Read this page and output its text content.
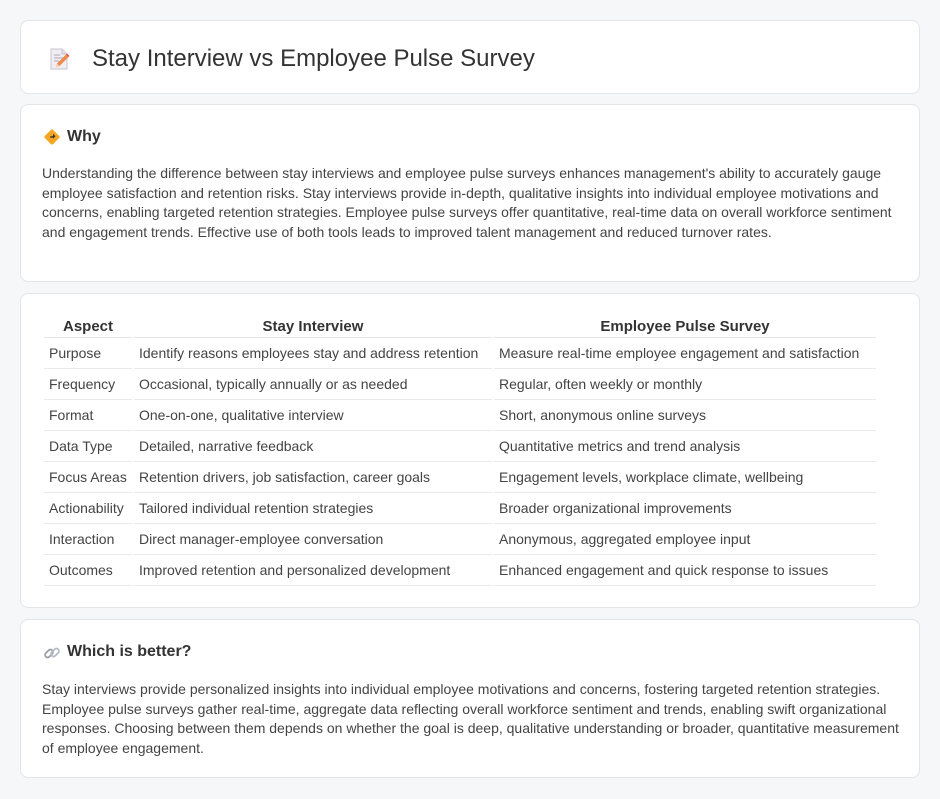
Stay Interview vs Employee Pulse Survey
Why

Understanding the difference between stay interviews and employee pulse surveys enhances management's ability to accurately gauge employee satisfaction and retention risks. Stay interviews provide in-depth, qualitative insights into individual employee motivations and concerns, enabling targeted retention strategies. Employee pulse surveys offer quantitative, real-time data on overall workforce sentiment and engagement trends. Effective use of both tools leads to improved talent management and reduced turnover rates.

Aspect	Stay Interview	Employee Pulse Survey
Purpose	Identify reasons employees stay and address retention	Measure real-time employee engagement and satisfaction
Frequency	Occasional, typically annually or as needed	Regular, often weekly or monthly
Format	One-on-one, qualitative interview	Short, anonymous online surveys
Data Type	Detailed, narrative feedback	Quantitative metrics and trend analysis
Focus Areas	Retention drivers, job satisfaction, career goals	Engagement levels, workplace climate, wellbeing
Actionability	Tailored individual retention strategies	Broader organizational improvements
Interaction	Direct manager-employee conversation	Anonymous, aggregated employee input
Outcomes	Improved retention and personalized development	Enhanced engagement and quick response to issues
Which is better?

Stay interviews provide personalized insights into individual employee motivations and concerns, fostering targeted retention strategies. Employee pulse surveys gather real-time, aggregate data reflecting overall workforce sentiment and trends, enabling swift organizational responses. Choosing between them depends on whether the goal is deep, qualitative understanding or broader, quantitative measurement of employee engagement.
